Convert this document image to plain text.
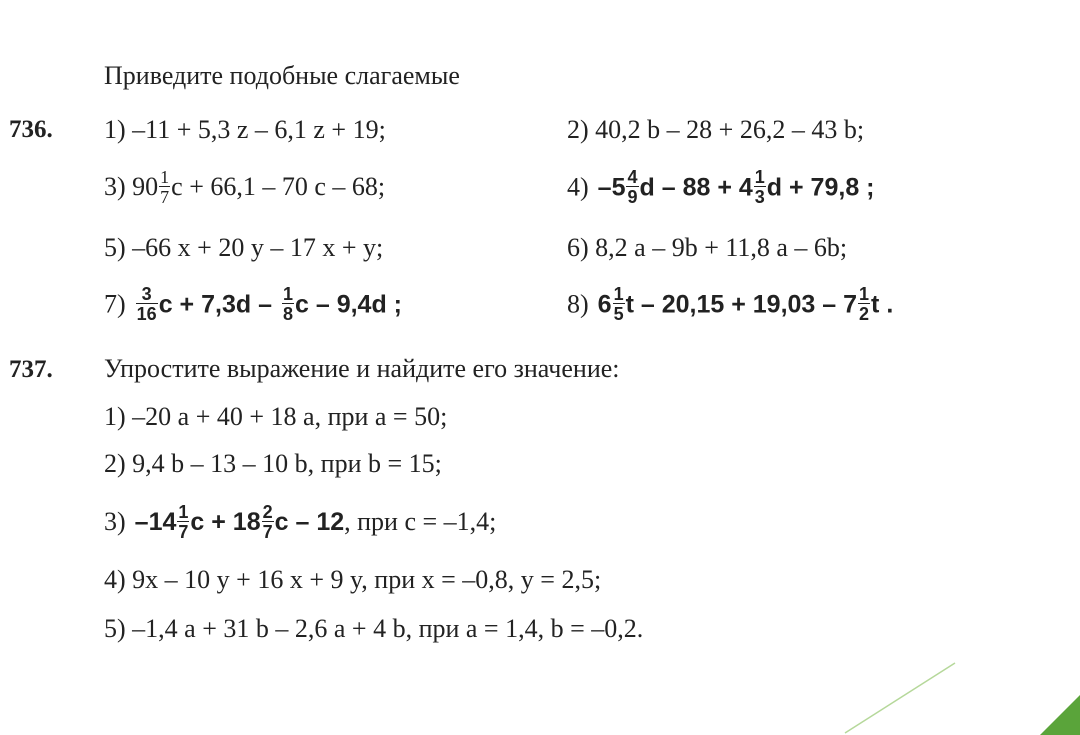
Приведите подобные слагаемые
736. 1) –11 + 5,3 z – 6,1 z + 19;	2) 40,2 b – 28 + 26,2 – 43 b;
3) $90 \frac{1}{7}$ c + 66,1 – 70 c – 68;	4) $-5 \frac{4}{9}$ $d - 88 + 4 \frac{1}{3}$ d + 79,8 ;
5) –66 x + 20 y – 17 x + y;	6) 8,2 a – 9b + 11,8 a – 6b;
$7) \frac{3}{16}$ $c + 7,3d - \frac{1}{8}$ c – 9,4d ;	8) $6 \frac{1}{5}$ $t - 20,15 + 19,03 - 7 \frac{1}{2}$ t .
737. Упростите выражение и найдите его значение:
1) –20 a + 40 + 18 a, при a = 50;
2) 9,4 b – 13 – 10 b, при b = 15;
3) $-14 \frac{1}{7}$ $c + 18 \frac{2}{7}$ c – 12, при c = –1,4;
4) 9x – 10 y + 16 x + 9 y, при x = –0,8, y = 2,5;
5) –1,4 a + 31 b – 2,6 a + 4 b, при a = 1,4, b = –0,2.
